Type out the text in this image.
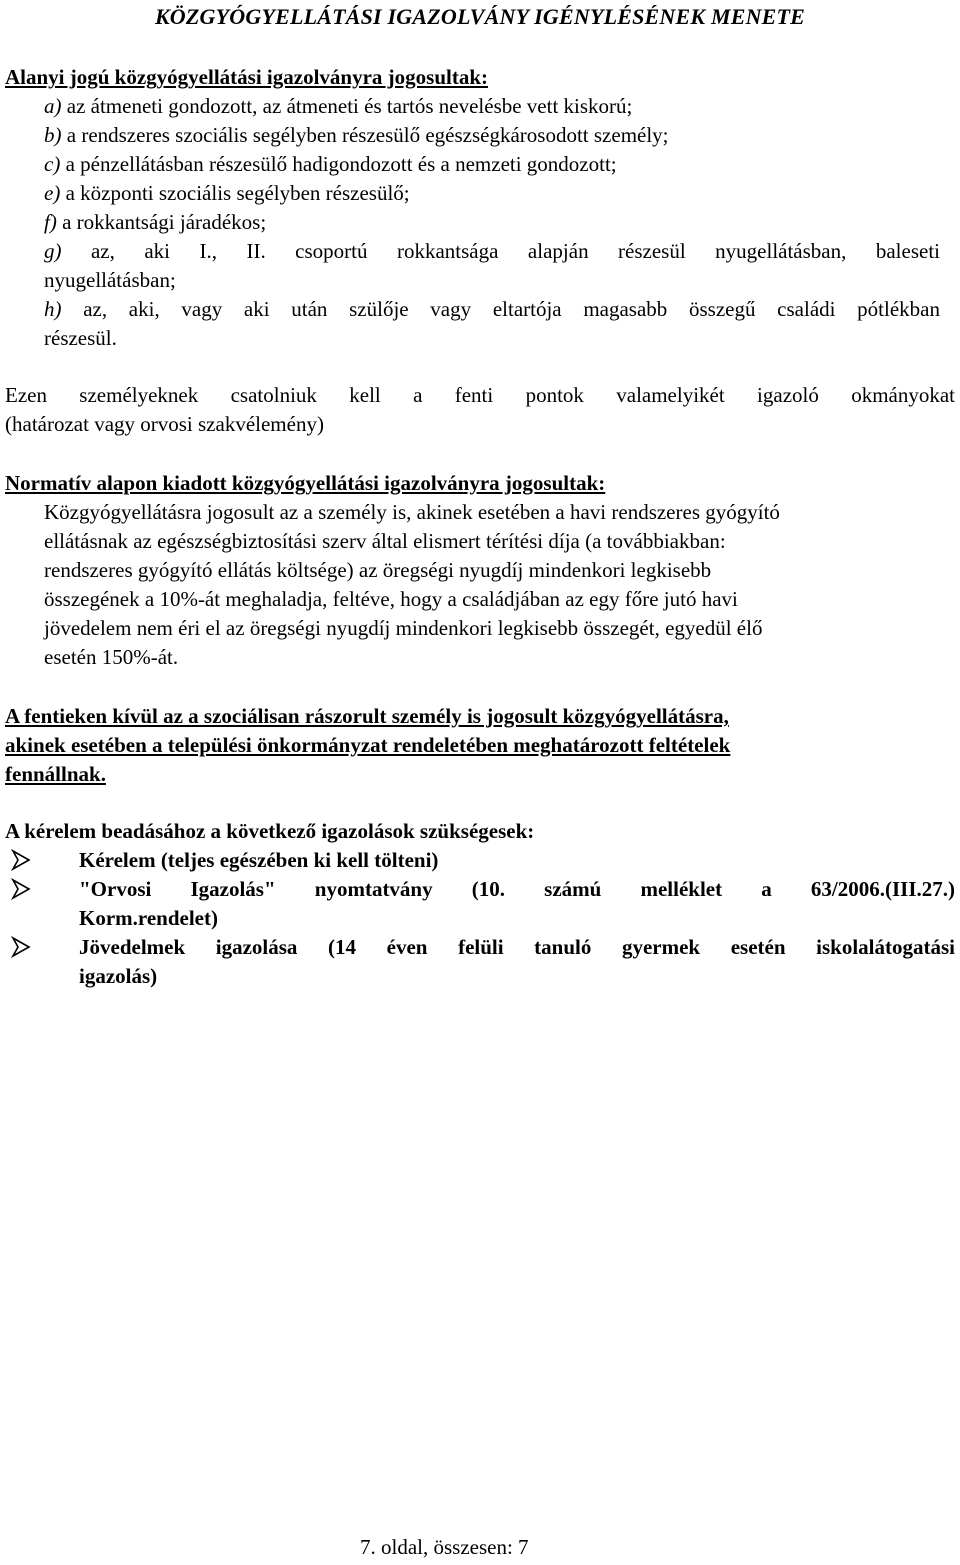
KÖZGYÓGYELLÁTÁSI IGAZOLVÁNY IGÉNYLÉSÉNEK MENETE
Alanyi jogú közgyógyellátási igazolványra jogosultak:
a) az átmeneti gondozott, az átmeneti és tartós nevelésbe vett kiskorú;
b) a rendszeres szociális segélyben részesülő egészségkárosodott személy;
c) a pénzellátásban részesülő hadigondozott és a nemzeti gondozott;
e) a központi szociális segélyben részesülő;
f) a rokkantsági járadékos;
g) az, aki I., II. csoportú rokkantsága alapján részesül nyugellátásban, baleseti
nyugellátásban;
h) az, aki, vagy aki után szülője vagy eltartója magasabb összegű családi pótlékban
részesül.
Ezen személyeknek csatolniuk kell a fenti pontok valamelyikét igazoló okmányokat
(határozat vagy orvosi szakvélemény)
Normatív alapon kiadott közgyógyellátási igazolványra jogosultak:
Közgyógyellátásra jogosult az a személy is, akinek esetében a havi rendszeres gyógyító
ellátásnak az egészségbiztosítási szerv által elismert térítési díja (a továbbiakban:
rendszeres gyógyító ellátás költsége) az öregségi nyugdíj mindenkori legkisebb
összegének a 10%-át meghaladja, feltéve, hogy a családjában az egy főre jutó havi
jövedelem nem éri el az öregségi nyugdíj mindenkori legkisebb összegét, egyedül élő
esetén 150%-át.
A fentieken kívül az a szociálisan rászorult személy is jogosult közgyógyellátásra,
akinek esetében a települési önkormányzat rendeletében meghatározott feltételek
fennállnak.
A kérelem beadásához a következő igazolások szükségesek:
Kérelem (teljes egészében ki kell tölteni)
"Orvosi Igazolás" nyomtatvány (10. számú melléklet a 63/2006.(III.27.)
Korm.rendelet)
Jövedelmek igazolása (14 éven felüli tanuló gyermek esetén iskolalátogatási
igazolás)
7. oldal, összesen: 7
